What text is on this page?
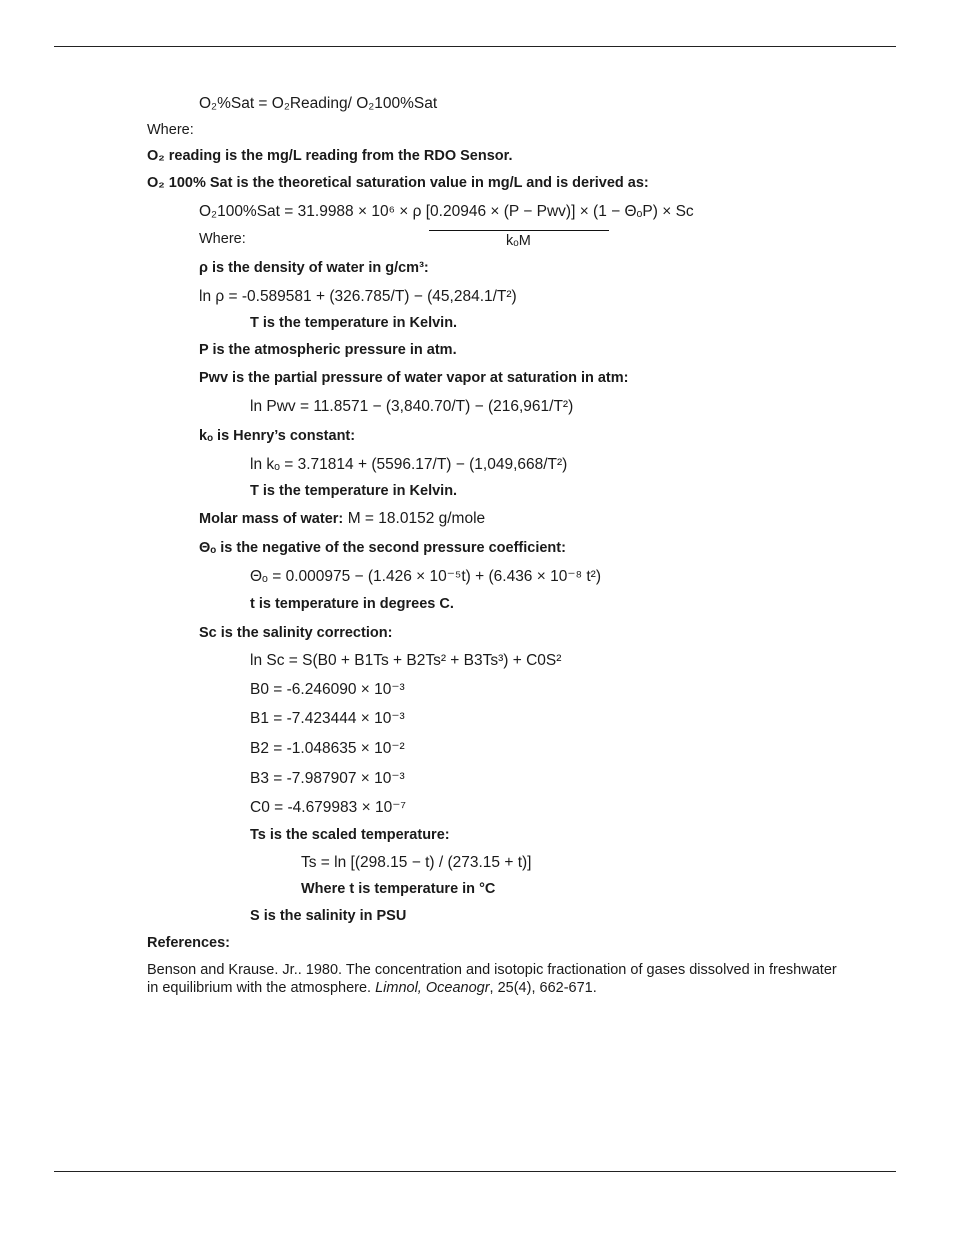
O₂%Sat = O₂Reading/ O₂100%Sat
Where:
O₂ reading is the mg/L reading from the RDO Sensor.
O₂ 100% Sat is the theoretical saturation value in mg/L and is derived as:
O₂100%Sat = 31.9988 × 10⁶ × ρ [0.20946 × (P − Pwv)] × (1 − ΘₒP) × Sc
kₒM
Where:
ρ is the density of water in g/cm³:
ln ρ = -0.589581 + (326.785/T) − (45,284.1/T²)
T is the temperature in Kelvin.
P is the atmospheric pressure in atm.
Pwv is the partial pressure of water vapor at saturation in atm:
ln Pwv = 11.8571 − (3,840.70/T) − (216,961/T²)
kₒ is Henry’s constant:
ln kₒ = 3.71814 + (5596.17/T) − (1,049,668/T²)
T is the temperature in Kelvin.
Molar mass of water: M = 18.0152 g/mole
Θₒ is the negative of the second pressure coefficient:
Θₒ = 0.000975 − (1.426 × 10⁻⁵t) + (6.436 × 10⁻⁸ t²)
t is temperature in degrees C.
Sc is the salinity correction:
ln Sc = S(B0 + B1Ts + B2Ts² + B3Ts³) + C0S²
B0 = -6.246090 × 10⁻³
B1 = -7.423444 × 10⁻³
B2 = -1.048635 × 10⁻²
B3 = -7.987907 × 10⁻³
C0 = -4.679983 × 10⁻⁷
Ts is the scaled temperature:
Ts = ln [(298.15 − t) / (273.15 + t)]
Where t is temperature in °C
S is the salinity in PSU
References:
Benson and Krause. Jr.. 1980. The concentration and isotopic fractionation of gases dissolved in freshwater in equilibrium with the atmosphere. Limnol, Oceanogr, 25(4), 662-671.
